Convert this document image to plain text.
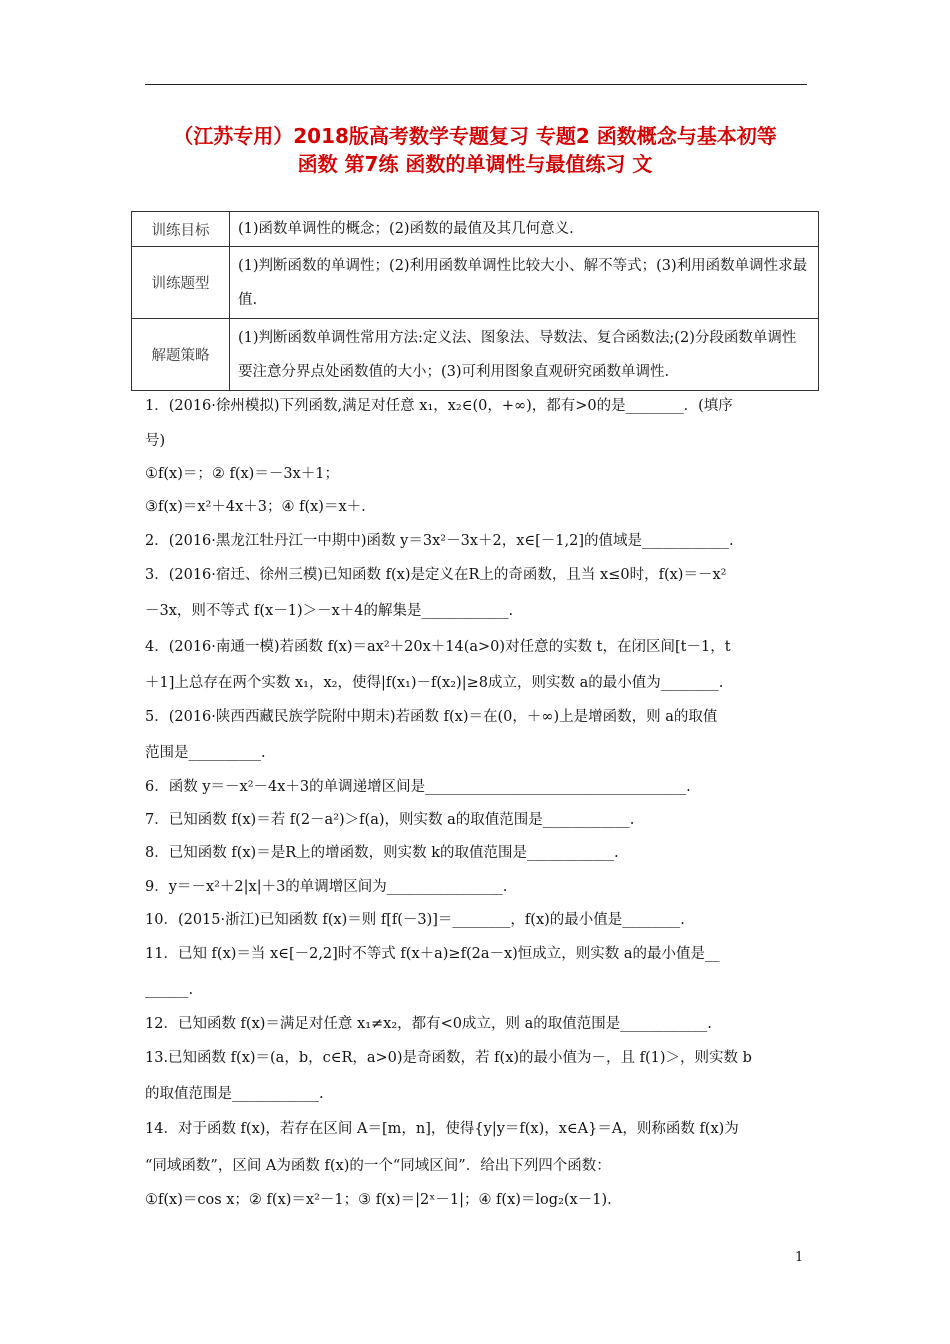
（江苏专用）2018版高考数学专题复习 专题2 函数概念与基本初等
函数 第7练 函数的单调性与最值练习 文
训练目标	(1)函数单调性的概念；(2)函数的最值及其几何意义.
训练题型	(1)判断函数的单调性；(2)利用函数单调性比较大小、解不等式；(3)利用函数单调性求最值.
解题策略	(1)判断函数单调性常用方法:定义法、图象法、导数法、复合函数法;(2)分段函数单调性要注意分界点处函数值的大小；(3)可利用图象直观研究函数单调性.
1．(2016·徐州模拟)下列函数,满足对任意 x₁，x₂∈(0，+∞)，都有>0的是________．(填序
号)
①f(x)＝；② f(x)＝－3x＋1；
③f(x)＝x²＋4x＋3；④ f(x)＝x＋.
2．(2016·黑龙江牡丹江一中期中)函数 y＝3x²－3x＋2，x∈[－1,2]的值域是____________.
3．(2016·宿迁、徐州三模)已知函数 f(x)是定义在R上的奇函数，且当 x≤0时，f(x)＝－x²
－3x，则不等式 f(x－1)＞－x＋4的解集是____________.
4．(2016·南通一模)若函数 f(x)＝ax²＋20x＋14(a>0)对任意的实数 t，在闭区间[t－1，t
＋1]上总存在两个实数 x₁，x₂，使得|f(x₁)－f(x₂)|≥8成立，则实数 a的最小值为________.
5．(2016·陕西西藏民族学院附中期末)若函数 f(x)＝在(0，＋∞)上是增函数，则 a的取值
范围是__________.
6．函数 y＝－x²－4x＋3的单调递增区间是____________________________________.
7．已知函数 f(x)＝若 f(2－a²)＞f(a)，则实数 a的取值范围是____________.
8．已知函数 f(x)＝是R上的增函数，则实数 k的取值范围是____________.
9．y＝－x²＋2|x|＋3的单调增区间为________________.
10．(2015·浙江)已知函数 f(x)＝则 f[f(－3)]＝________，f(x)的最小值是________.
11．已知 f(x)＝当 x∈[－2,2]时不等式 f(x＋a)≥f(2a－x)恒成立，则实数 a的最小值是__
______.
12．已知函数 f(x)＝满足对任意 x₁≠x₂，都有<0成立，则 a的取值范围是____________.
13.已知函数 f(x)＝(a，b，c∈R，a>0)是奇函数，若 f(x)的最小值为－，且 f(1)＞，则实数 b
的取值范围是____________.
14．对于函数 f(x)，若存在区间 A＝[m，n]，使得{y|y＝f(x)，x∈A}＝A，则称函数 f(x)为
“同域函数”，区间 A为函数 f(x)的一个“同域区间”．给出下列四个函数：
①f(x)＝cos x；② f(x)＝x²－1；③ f(x)＝|2ˣ－1|；④ f(x)＝log₂(x－1).
1
